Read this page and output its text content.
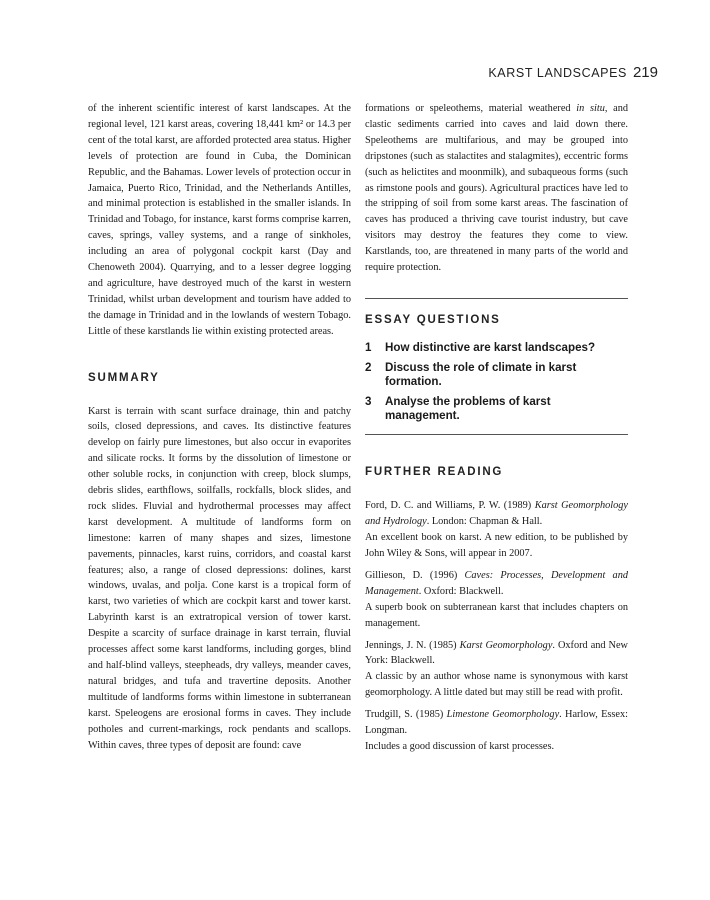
KARST LANDSCAPES 219

of the inherent scientific interest of karst landscapes. At the regional level, 121 karst areas, covering 18,441 km² or 14.3 per cent of the total karst, are afforded protected area status. Higher levels of protection are found in Cuba, the Dominican Republic, and the Bahamas. Lower levels of protection occur in Jamaica, Puerto Rico, Trinidad, and the Netherlands Antilles, and minimal protection is established in the smaller islands. In Trinidad and Tobago, for instance, karst forms comprise karren, caves, springs, valley systems, and a range of sinkholes, including an area of polygonal cockpit karst (Day and Chenoweth 2004). Quarrying, and to a lesser degree logging and agriculture, have destroyed much of the karst in western Trinidad, whilst urban development and tourism have added to the damage in Trinidad and in the lowlands of western Tobago. Little of these karstlands lie within existing protected areas.

SUMMARY

Karst is terrain with scant surface drainage, thin and patchy soils, closed depressions, and caves. Its distinctive features develop on fairly pure limestones, but also occur in evaporites and silicate rocks. It forms by the dissolution of limestone or other soluble rocks, in conjunction with creep, block slumps, debris slides, earthflows, soilfalls, rockfalls, block slides, and rock slides. Fluvial and hydrothermal processes may affect karst development. A multitude of landforms form on limestone: karren of many shapes and sizes, limestone pavements, pinnacles, karst ruins, corridors, and coastal karst features; also, a range of closed depressions: dolines, karst windows, uvalas, and polja. Cone karst is a tropical form of karst, two varieties of which are cockpit karst and tower karst. Labyrinth karst is an extratropical version of tower karst. Despite a scarcity of surface drainage in karst terrain, fluvial processes affect some karst landforms, including gorges, blind and half-blind valleys, steepheads, dry valleys, meander caves, natural bridges, and tufa and travertine deposits. Another multitude of landforms forms within limestone in subterranean karst. Speleogens are erosional forms in caves. They include potholes and current-markings, rock pendants and scallops. Within caves, three types of deposit are found: cave

formations or speleothems, material weathered in situ, and clastic sediments carried into caves and laid down there. Speleothems are multifarious, and may be grouped into dripstones (such as stalactites and stalagmites), eccentric forms (such as helictites and moonmilk), and subaqueous forms (such as rimstone pools and gours). Agricultural practices have led to the stripping of soil from some karst areas. The fascination of caves has produced a thriving cave tourist industry, but cave visitors may destroy the features they come to view. Karstlands, too, are threatened in many parts of the world and require protection.

ESSAY QUESTIONS
1 How distinctive are karst landscapes?
2 Discuss the role of climate in karst formation.
3 Analyse the problems of karst management.
FURTHER READING

Ford, D. C. and Williams, P. W. (1989) Karst Geomorphology and Hydrology. London: Chapman & Hall.

An excellent book on karst. A new edition, to be published by John Wiley & Sons, will appear in 2007.

Gillieson, D. (1996) Caves: Processes, Development and Management. Oxford: Blackwell.

A superb book on subterranean karst that includes chapters on management.

Jennings, J. N. (1985) Karst Geomorphology. Oxford and New York: Blackwell.

A classic by an author whose name is synonymous with karst geomorphology. A little dated but may still be read with profit.

Trudgill, S. (1985) Limestone Geomorphology. Harlow, Essex: Longman.

Includes a good discussion of karst processes.
